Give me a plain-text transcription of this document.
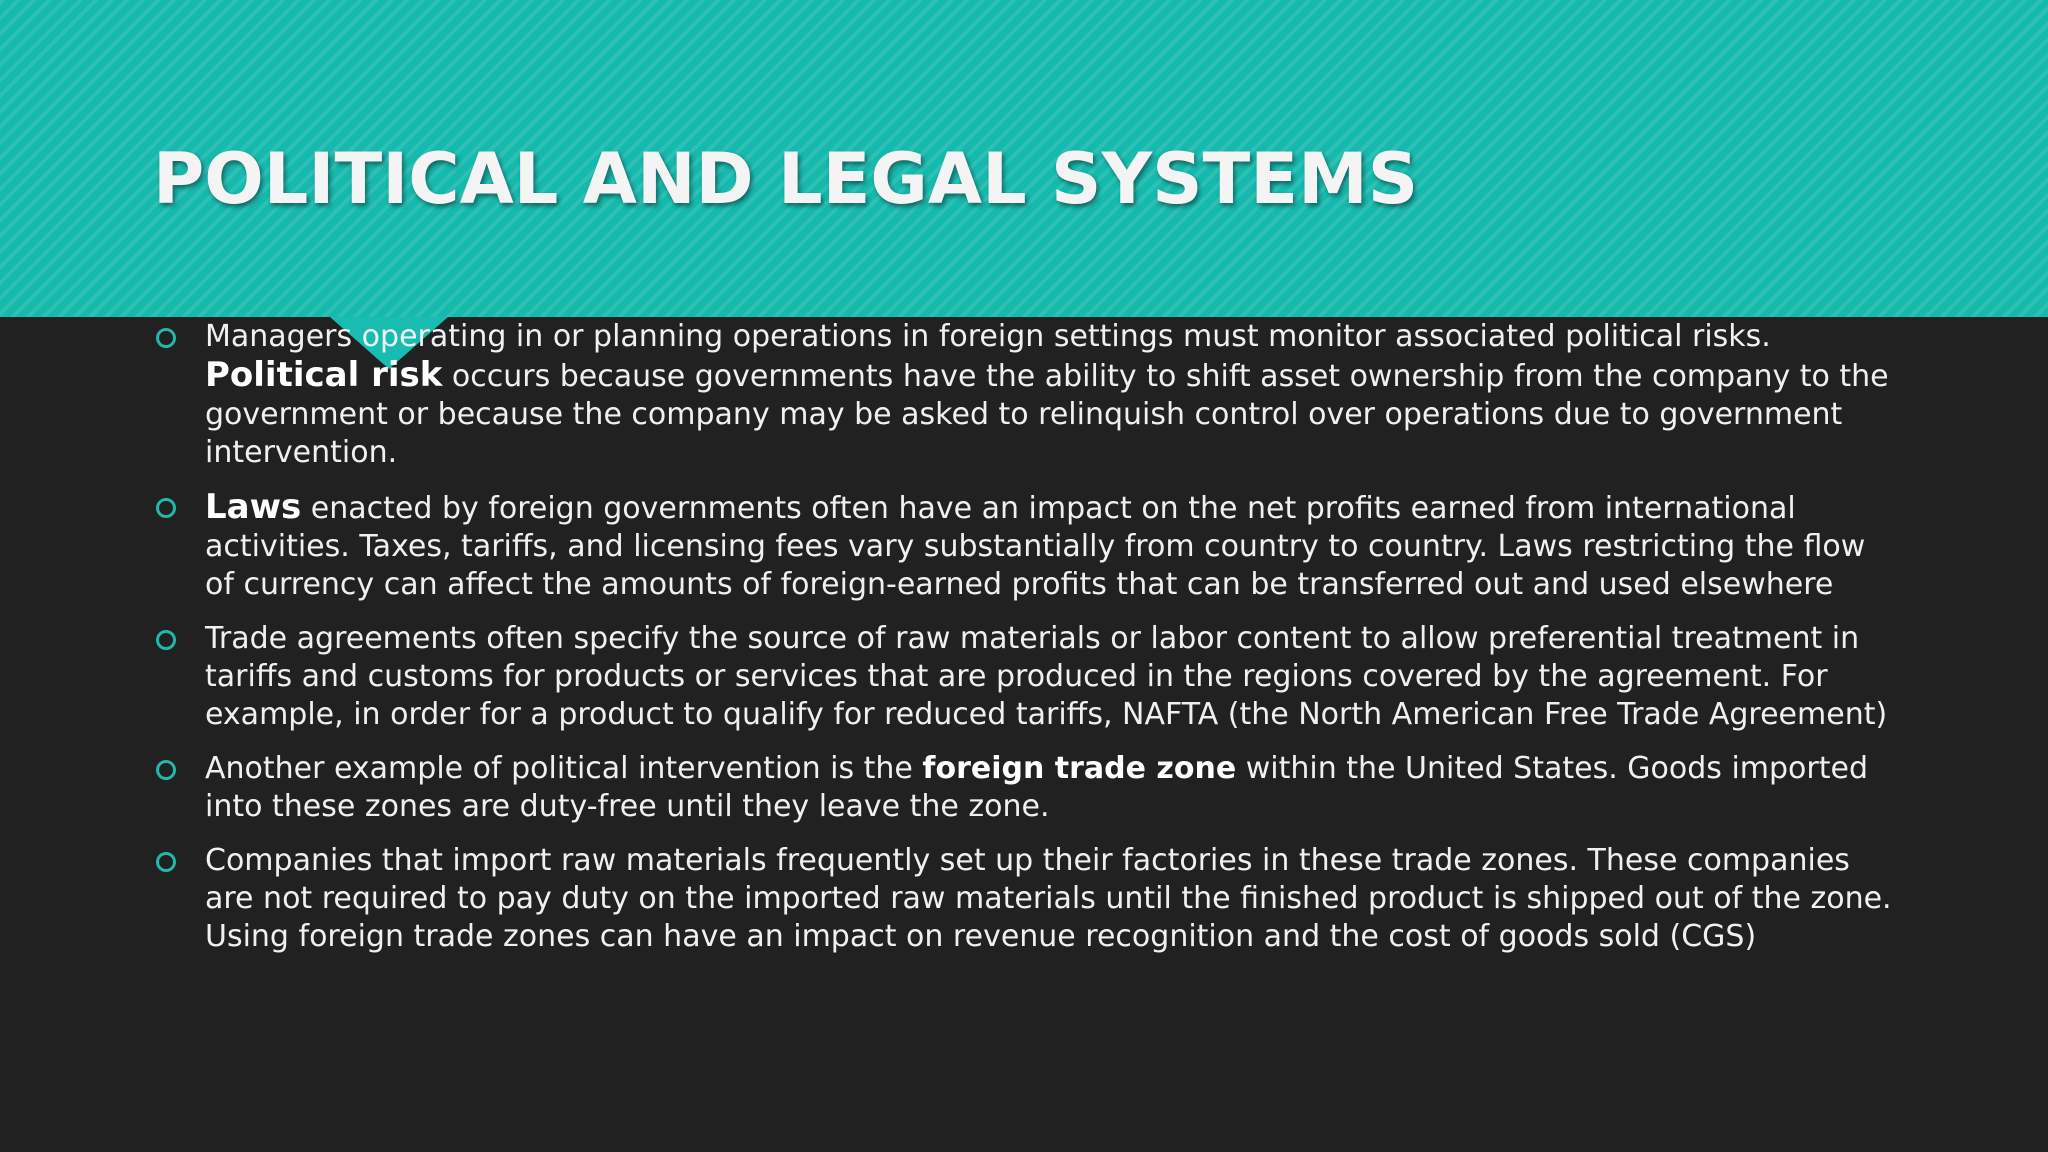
POLITICAL AND LEGAL SYSTEMS
Managers operating in or planning operations in foreign settings must monitor associated political risks. Political risk occurs because governments have the ability to shift asset ownership from the company to the government or because the company may be asked to relinquish control over operations due to government intervention.
Laws enacted by foreign governments often have an impact on the net profits earned from international activities. Taxes, tariffs, and licensing fees vary substantially from country to country. Laws restricting the flow of currency can affect the amounts of foreign-earned profits that can be transferred out and used elsewhere
Trade agreements often specify the source of raw materials or labor content to allow preferential treatment in tariffs and customs for products or services that are produced in the regions covered by the agreement. For example, in order for a product to qualify for reduced tariffs, NAFTA (the North American Free Trade Agreement)
Another example of political intervention is the foreign trade zone within the United States. Goods imported into these zones are duty-free until they leave the zone.
Companies that import raw materials frequently set up their factories in these trade zones. These companies are not required to pay duty on the imported raw materials until the finished product is shipped out of the zone. Using foreign trade zones can have an impact on revenue recognition and the cost of goods sold (CGS)
